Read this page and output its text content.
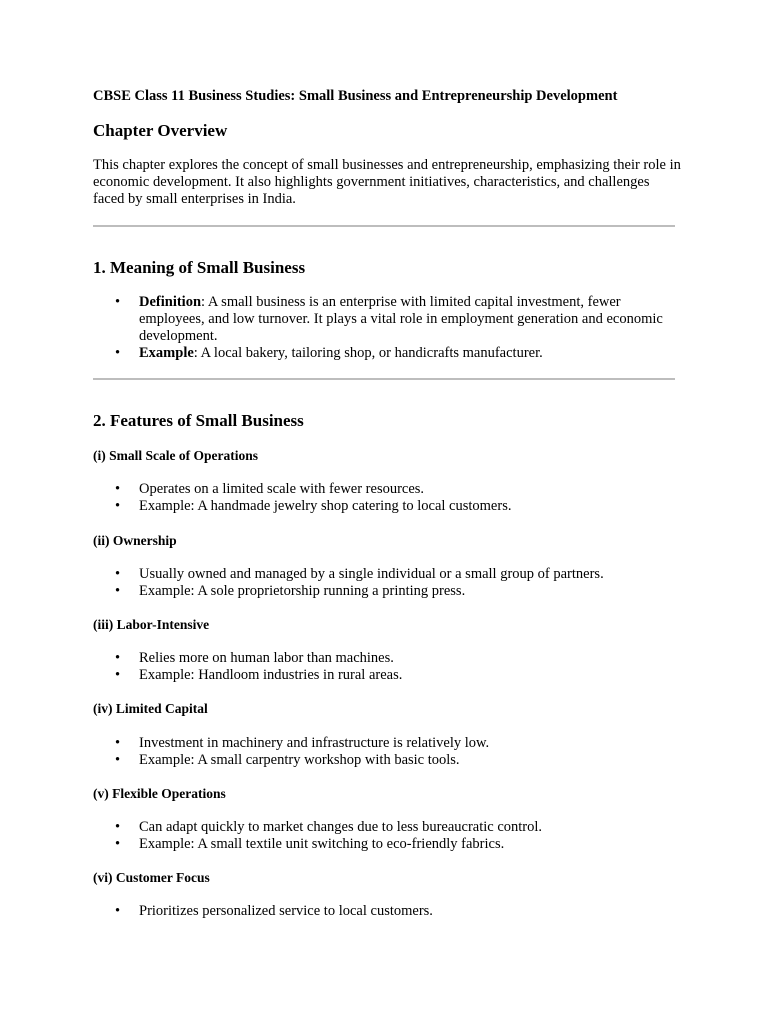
CBSE Class 11 Business Studies: Small Business and Entrepreneurship Development
Chapter Overview
This chapter explores the concept of small businesses and entrepreneurship, emphasizing their role in economic development. It also highlights government initiatives, characteristics, and challenges faced by small enterprises in India.
1. Meaning of Small Business
• Definition: A small business is an enterprise with limited capital investment, fewer employees, and low turnover. It plays a vital role in employment generation and economic development.
• Example: A local bakery, tailoring shop, or handicrafts manufacturer.
2. Features of Small Business
(i) Small Scale of Operations
• Operates on a limited scale with fewer resources.
• Example: A handmade jewelry shop catering to local customers.
(ii) Ownership
• Usually owned and managed by a single individual or a small group of partners.
• Example: A sole proprietorship running a printing press.
(iii) Labor-Intensive
• Relies more on human labor than machines.
• Example: Handloom industries in rural areas.
(iv) Limited Capital
• Investment in machinery and infrastructure is relatively low.
• Example: A small carpentry workshop with basic tools.
(v) Flexible Operations
• Can adapt quickly to market changes due to less bureaucratic control.
• Example: A small textile unit switching to eco-friendly fabrics.
(vi) Customer Focus
• Prioritizes personalized service to local customers.
